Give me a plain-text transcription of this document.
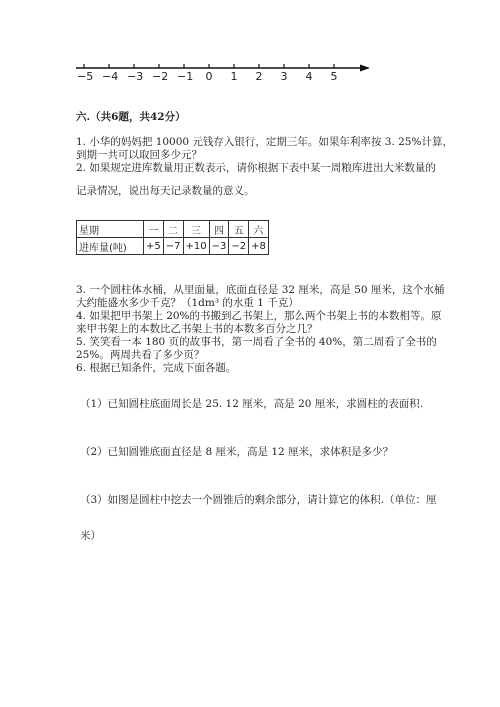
−5 −4 −3 −2 −1 0 1 2 3 4 5
六.（共6题，共42分）
1. 小华的妈妈把 10000 元钱存入银行，定期三年。如果年利率按 3. 25%计算，
到期一共可以取回多少元？
2. 如果规定进库数量用正数表示，请你根据下表中某一周粮库进出大米数量的
记录情况，说出每天记录数量的意义。
星期	一	二	三	四	五	六
进库量(吨)	+5	−7	+10	−3	−2	+8
3. 一个圆柱体水桶，从里面量，底面直径是 32 厘米，高是 50 厘米，这个水桶
大约能盛水多少千克？（1dm³ 的水重 1 千克）
4. 如果把甲书架上 20%的书搬到乙书架上，那么两个书架上书的本数相等。原
来甲书架上的本数比乙书架上书的本数多百分之几？
5. 笑笑看一本 180 页的故事书，第一周看了全书的 40%，第二周看了全书的
25%。两周共看了多少页？
6. 根据已知条件，完成下面各题。
（1）已知圆柱底面周长是 25. 12 厘米，高是 20 厘米，求圆柱的表面积.
（2）已知圆锥底面直径是 8 厘米，高是 12 厘米，求体积是多少？
（3）如图是圆柱中挖去一个圆锥后的剩余部分，请计算它的体积.（单位：厘
米）
